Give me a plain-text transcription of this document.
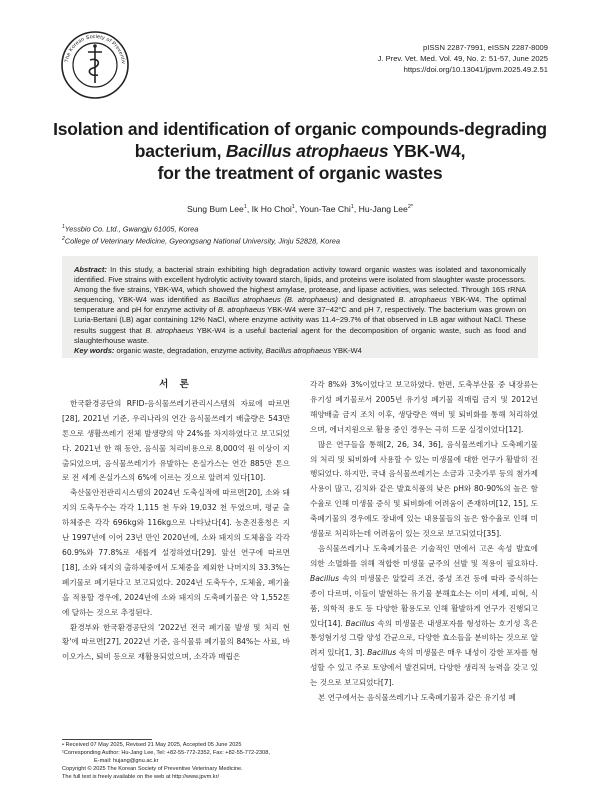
The Korean Society of Preventiv
pISSN 2287-7991, eISSN 2287-8009
J. Prev. Vet. Med. Vol. 49, No. 2: 51-57, June 2025
https://doi.org/10.13041/jpvm.2025.49.2.51
Isolation and identification of organic compounds-degrading
bacterium, Bacillus atrophaeus YBK-W4,
for the treatment of organic wastes
Sung Bum Lee$^1$, Ik Ho Choi$^1$, Youn-Tae Chi$^1$, Hu-Jang Lee$^{2*}$
$^1$Yessbio Co. Ltd., Gwangju 61005, Korea
$^2$College of Veterinary Medicine, Gyeongsang National University, Jinju 52828, Korea
Abstract: In this study, a bacterial strain exhibiting high degradation activity toward organic wastes was isolated and taxonomically identified. Five strains with excellent hydrolytic activity toward starch, lipids, and proteins were isolated from slaughter waste processors. Among the five strains, YBK-W4, which showed the highest amylase, protease, and lipase activities, was selected. Through 16S rRNA sequencing, YBK-W4 was identified as Bacillus atrophaeus (B. atrophaeus) and designated B. atrophaeus YBK-W4. The optimal temperature and pH for enzyme activity of B. atrophaeus YBK-W4 were 37~42°C and pH 7, respectively. The bacterium was grown on Luria-Bertani (LB) agar containing 12% NaCl, where enzyme activity was 11.4~29.7% of that observed in LB agar without NaCl. These results suggest that B. atrophaeus YBK-W4 is a useful bacterial agent for the decomposition of organic waste, such as food and slaughterhouse waste.
Key words: organic waste, degradation, enzyme activity, Bacillus atrophaeus YBK-W4
서 론

한국환경공단의 RFID-음식물쓰레기관리시스템의 자료에 따르면[28], 2021년 기준, 우리나라의 연간 음식물쓰레기 배출량은 543만 톤으로 생활쓰레기 전체 발생량의 약 24%를 차지하였다고 보고되었다. 2021년 한 해 동안, 음식물 처리비용으로 8,000억 원 이상이 지출되었으며, 음식물쓰레기가 유발하는 온실가스는 연간 885만 톤으로 전 세계 온실가스의 6%에 이르는 것으로 알려져 있다[10].

축산물안전관리시스템의 2024년 도축실적에 따르면[20], 소와 돼지의 도축두수는 각각 1,115 천 두와 19,032 천 두였으며, 평균 출하체중은 각각 696kg와 116kg으로 나타났다[4]. 농촌진흥청은 지난 1997년에 이어 23년 만인 2020년에, 소와 돼지의 도체율을 각각 60.9%와 77.8%로 새롭게 설정하였다[29]. 앞선 연구에 따르면[18], 소와 돼지의 출하체중에서 도체중을 제외한 나머지의 33.3%는 폐기물로 폐기된다고 보고되었다. 2024년 도축두수, 도체율, 폐기율을 적용할 경우에, 2024년에 소와 돼지의 도축폐기물은 약 1,552톤에 달하는 것으로 추정된다.

환경부와 한국환경공단의 '2022년 전국 폐기물 발생 및 처리 현황'에 따르면[27], 2022년 기준, 음식물류 폐기물의 84%는 사료, 바이오가스, 퇴비 등으로 재활용되었으며, 소각과 매립은

각각 8%와 3%이었다고 보고하였다. 한편, 도축부산물 중 내장류는 유기성 폐기물로서 2005년 유기성 폐기물 직매립 금지 및 2012년 해양배출 금지 조치 이후, 생당량은 액비 및 퇴비화를 통해 처리하였으며, 에너지원으로 활용 중인 경우는 극히 드문 실정이었다[12].

많은 연구들을 통해[2, 26, 34, 36], 음식물쓰레기나 도축폐기물의 처리 및 퇴비화에 사용할 수 있는 미생물에 대한 연구가 활발히 진행되었다. 하지만, 국내 음식물쓰레기는 소금과 고춧가루 등의 첨가제 사용이 많고, 김치와 같은 발효식품의 낮은 pH와 80-90%의 높은 함수율로 인해 미생물 증식 및 퇴비화에 어려움이 존재하며[12, 15], 도축폐기물의 경우에도 장내에 있는 내용물들의 높은 함수율로 인해 미생물로 처리하는데 어려움이 있는 것으로 보고되었다[35].

음식물쓰레기나 도축폐기물은 기술적인 면에서 고온 속성 발효에 의한 소멸화를 위해 적합한 미생물 균주의 선발 및 적용이 필요하다. Bacillus 속의 미생물은 알칼리 조건, 중성 조건 등에 따라 증식하는 종이 다르며, 이들이 발현하는 유기물 분해효소는 이미 세제, 피혁, 식품, 의학적 용도 등 다양한 활용도로 인해 활발하게 연구가 진행되고 있다[14]. Bacillus 속의 미생물은 내생포자를 형성하는 호기성 혹은 통성혐기성 그람 양성 간균으로, 다양한 효소들을 분비하는 것으로 알려져 있다[1, 3]. Bacillus 속의 미생물은 매우 내성이 강한 포자를 형성할 수 있고 주로 토양에서 발견되며, 다양한 생리적 능력을 갖고 있는 것으로 보고되었다[7].

본 연구에서는 음식물쓰레기나 도축폐기물과 같은 유기성 폐

• Received 07 May 2025, Revised 21 May 2025, Accepted 05 June 2025
¹Corresponding Author: Hu-Jang Lee, Tel: +82-55-772-2352, Fax: +82-55-772-2308,
E-mail: hujang@gnu.ac.kr
Copyright © 2025 The Korean Society of Preventive Veterinary Medicine.
The full text is freely available on the web at http://www.jpvm.kr/
